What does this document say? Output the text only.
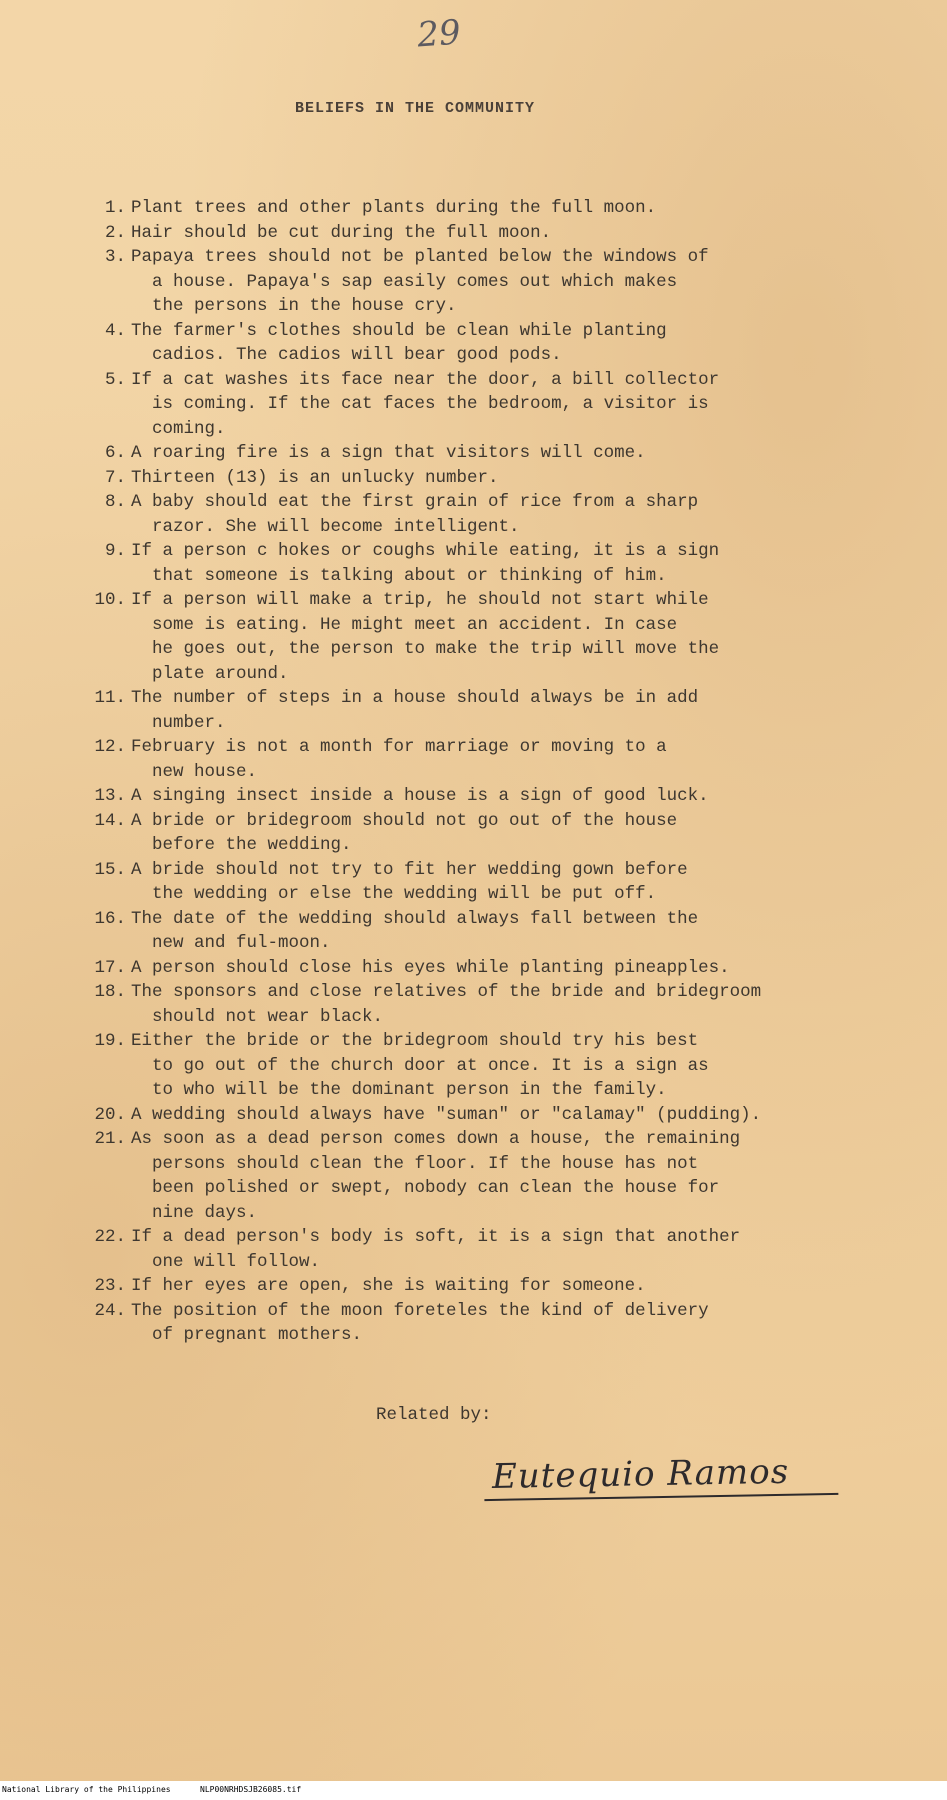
29
BELIEFS IN THE COMMUNITY
1. Plant trees and other plants during the full moon.
2. Hair should be cut during the full moon.
3. Papaya trees should not be planted below the windows of
a house. Papaya's sap easily comes out which makes
the persons in the house cry.
4. The farmer's clothes should be clean while planting
cadios. The cadios will bear good pods.
5. If a cat washes its face near the door, a bill collector
is coming. If the cat faces the bedroom, a visitor is
coming.
6. A roaring fire is a sign that visitors will come.
7. Thirteen (13) is an unlucky number.
8. A baby should eat the first grain of rice from a sharp
razor. She will become intelligent.
9. If a person c hokes or coughs while eating, it is a sign
that someone is talking about or thinking of him.
10. If a person will make a trip, he should not start while
some is eating. He might meet an accident. In case
he goes out, the person to make the trip will move the
plate around.
11. The number of steps in a house should always be in add
number.
12. February is not a month for marriage or moving to a
new house.
13. A singing insect inside a house is a sign of good luck.
14. A bride or bridegroom should not go out of the house
before the wedding.
15. A bride should not try to fit her wedding gown before
the wedding or else the wedding will be put off.
16. The date of the wedding should always fall between the
new and ful-moon.
17. A person should close his eyes while planting pineapples.
18. The sponsors and close relatives of the bride and bridegroom
should not wear black.
19. Either the bride or the bridegroom should try his best
to go out of the church door at once. It is a sign as
to who will be the dominant person in the family.
20. A wedding should always have "suman" or "calamay" (pudding).
21. As soon as a dead person comes down a house, the remaining
persons should clean the floor. If the house has not
been polished or swept, nobody can clean the house for
nine days.
22. If a dead person's body is soft, it is a sign that another
one will follow.
23. If her eyes are open, she is waiting for someone.
24. The position of the moon foreteles the kind of delivery
of pregnant mothers.
Related by:
Eutequio Ramos
National Library of the Philippines	NLP00NRHDSJB26085.tif
